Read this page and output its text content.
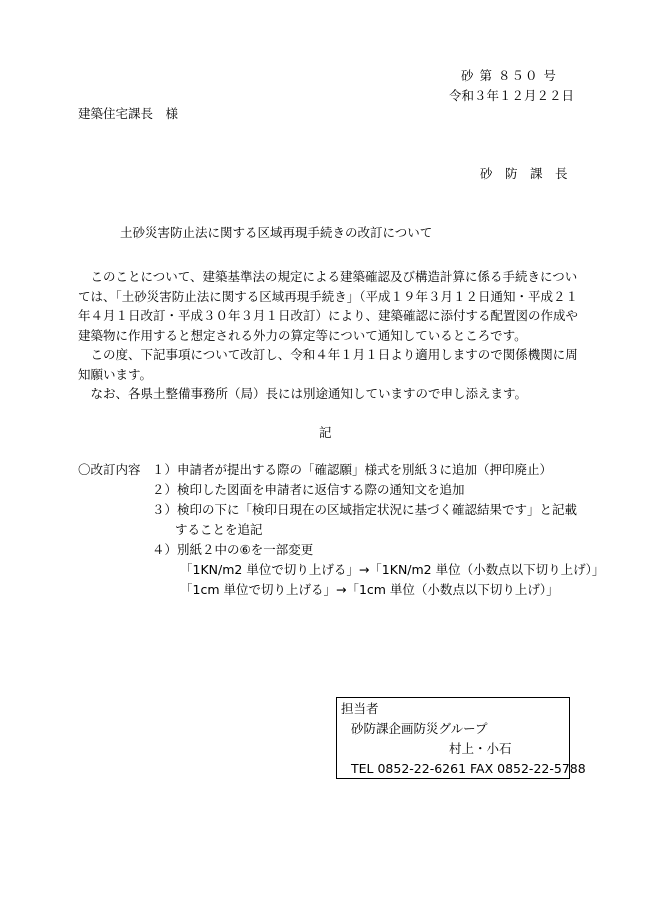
砂 第 ８５０ 号
令和３年１２月２２日
建築住宅課長　様
砂　防　課　長
土砂災害防止法に関する区域再現手続きの改訂について

　このことについて、建築基準法の規定による建築確認及び構造計算に係る手続きについては、「土砂災害防止法に関する区域再現手続き」（平成１９年３月１２日通知・平成２１年４月１日改訂・平成３０年３月１日改訂）により、建築確認に添付する配置図の作成や建築物に作用すると想定される外力の算定等について通知しているところです。

　この度、下記事項について改訂し、令和４年１月１日より適用しますので関係機関に周知願います。

　なお、各県土整備事務所（局）長には別途通知していますので申し添えます。

記
〇改訂内容 １）申請者が提出する際の「確認願」様式を別紙３に追加（押印廃止）
２）検印した図面を申請者に返信する際の通知文を追加
３）検印の下に「検印日現在の区域指定状況に基づく確認結果です」と記載
することを追記
４）別紙２中の⑥を一部変更
「1KN/m2 単位で切り上げる」→「1KN/m2 単位（小数点以下切り上げ）」
「1cm 単位で切り上げる」→「1cm 単位（小数点以下切り上げ）」
担当者
砂防課企画防災グループ
村上・小石
TEL 0852-22-6261 FAX 0852-22-5788
